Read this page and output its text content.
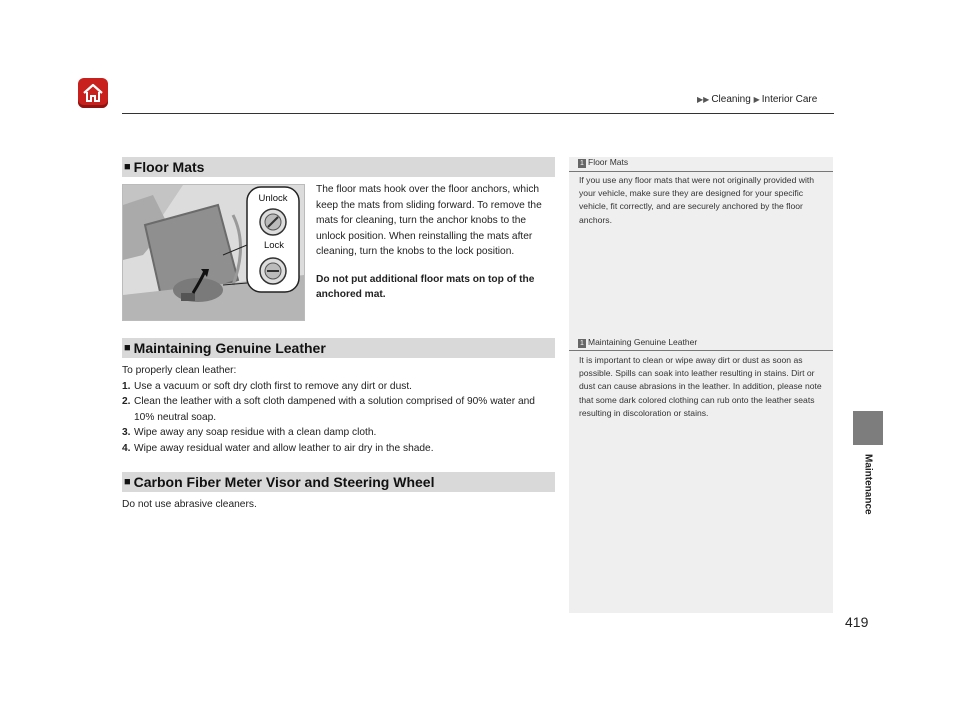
▶▶ Cleaning ▶ Interior Care
Maintenance
■ Floor Mats
Unlock
Lock
The floor mats hook over the floor anchors, which keep the mats from sliding forward. To remove the mats for cleaning, turn the anchor knobs to the unlock position. When reinstalling the mats after cleaning, turn the knobs to the lock position.
Do not put additional floor mats on top of the anchored mat.
■ Maintaining Genuine Leather

To properly clean leather:

1. Use a vacuum or soft dry cloth first to remove any dirt or dust.
2. Clean the leather with a soft cloth dampened with a solution comprised of 90% water and 10% neutral soap.
3. Wipe away any soap residue with a clean damp cloth.
4. Wipe away residual water and allow leather to air dry in the shade.
■ Carbon Fiber Meter Visor and Steering Wheel
Do not use abrasive cleaners.
1 Floor Mats
If you use any floor mats that were not originally provided with your vehicle, make sure they are designed for your specific vehicle, fit correctly, and are securely anchored by the floor anchors.
1 Maintaining Genuine Leather
It is important to clean or wipe away dirt or dust as soon as possible. Spills can soak into leather resulting in stains. Dirt or dust can cause abrasions in the leather. In addition, please note that some dark colored clothing can rub onto the leather seats resulting in discoloration or stains.
419
